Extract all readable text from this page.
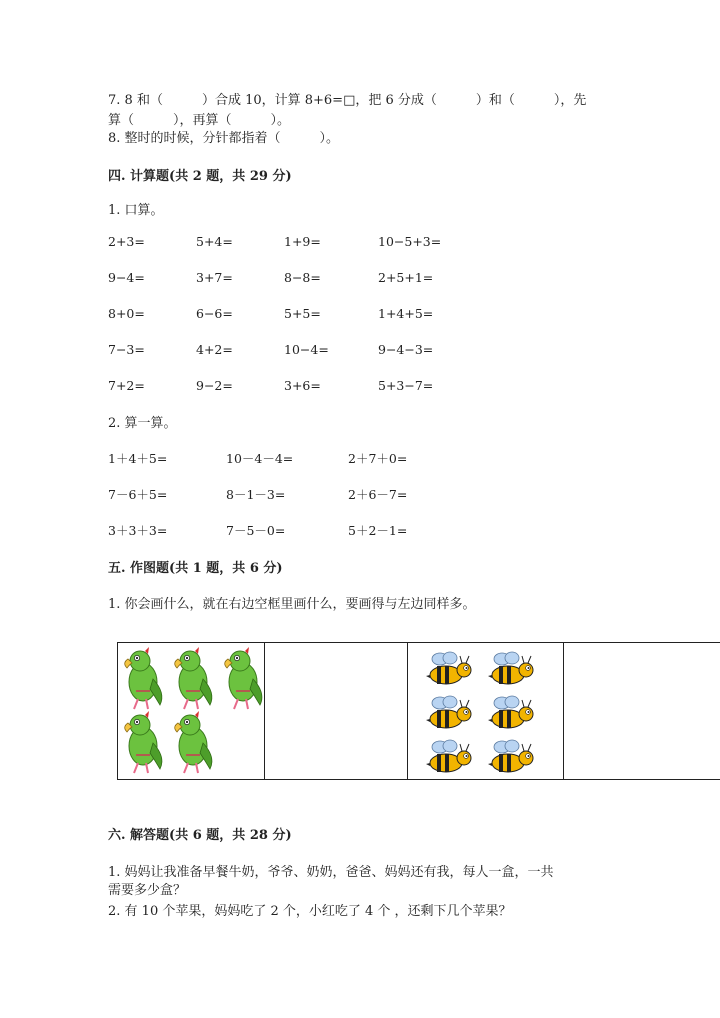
7. 8 和（　　　）合成 10，计算 8+6=□，把 6 分成（　　　）和（　　　），先
算（　　　），再算（　　　）。
8. 整时的时候，分针都指着（　　　）。
四. 计算题(共 2 题，共 29 分)
1. 口算。
2+3=	5+4=	1+9=	10−5+3=
9−4=	3+7=	8−8=	2+5+1=
8+0=	6−6=	5+5=	1+4+5=
7−3=	4+2=	10−4=	9−4−3=
7+2=	9−2=	3+6=	5+3−7=
2. 算一算。
1＋4＋5=	10－4－4=	2＋7＋0=
7－6＋5=	8－1－3=	2＋6－7=
3＋3＋3=	7－5－0=	5＋2－1=
五. 作图题(共 1 题，共 6 分)
1. 你会画什么，就在右边空框里画什么，要画得与左边同样多。
六. 解答题(共 6 题，共 28 分)
1. 妈妈让我准备早餐牛奶，爷爷、奶奶，爸爸、妈妈还有我，每人一盒，一共
需要多少盒？
2. 有 10 个苹果，妈妈吃了 2 个，小红吃了 4 个 ，还剩下几个苹果？
